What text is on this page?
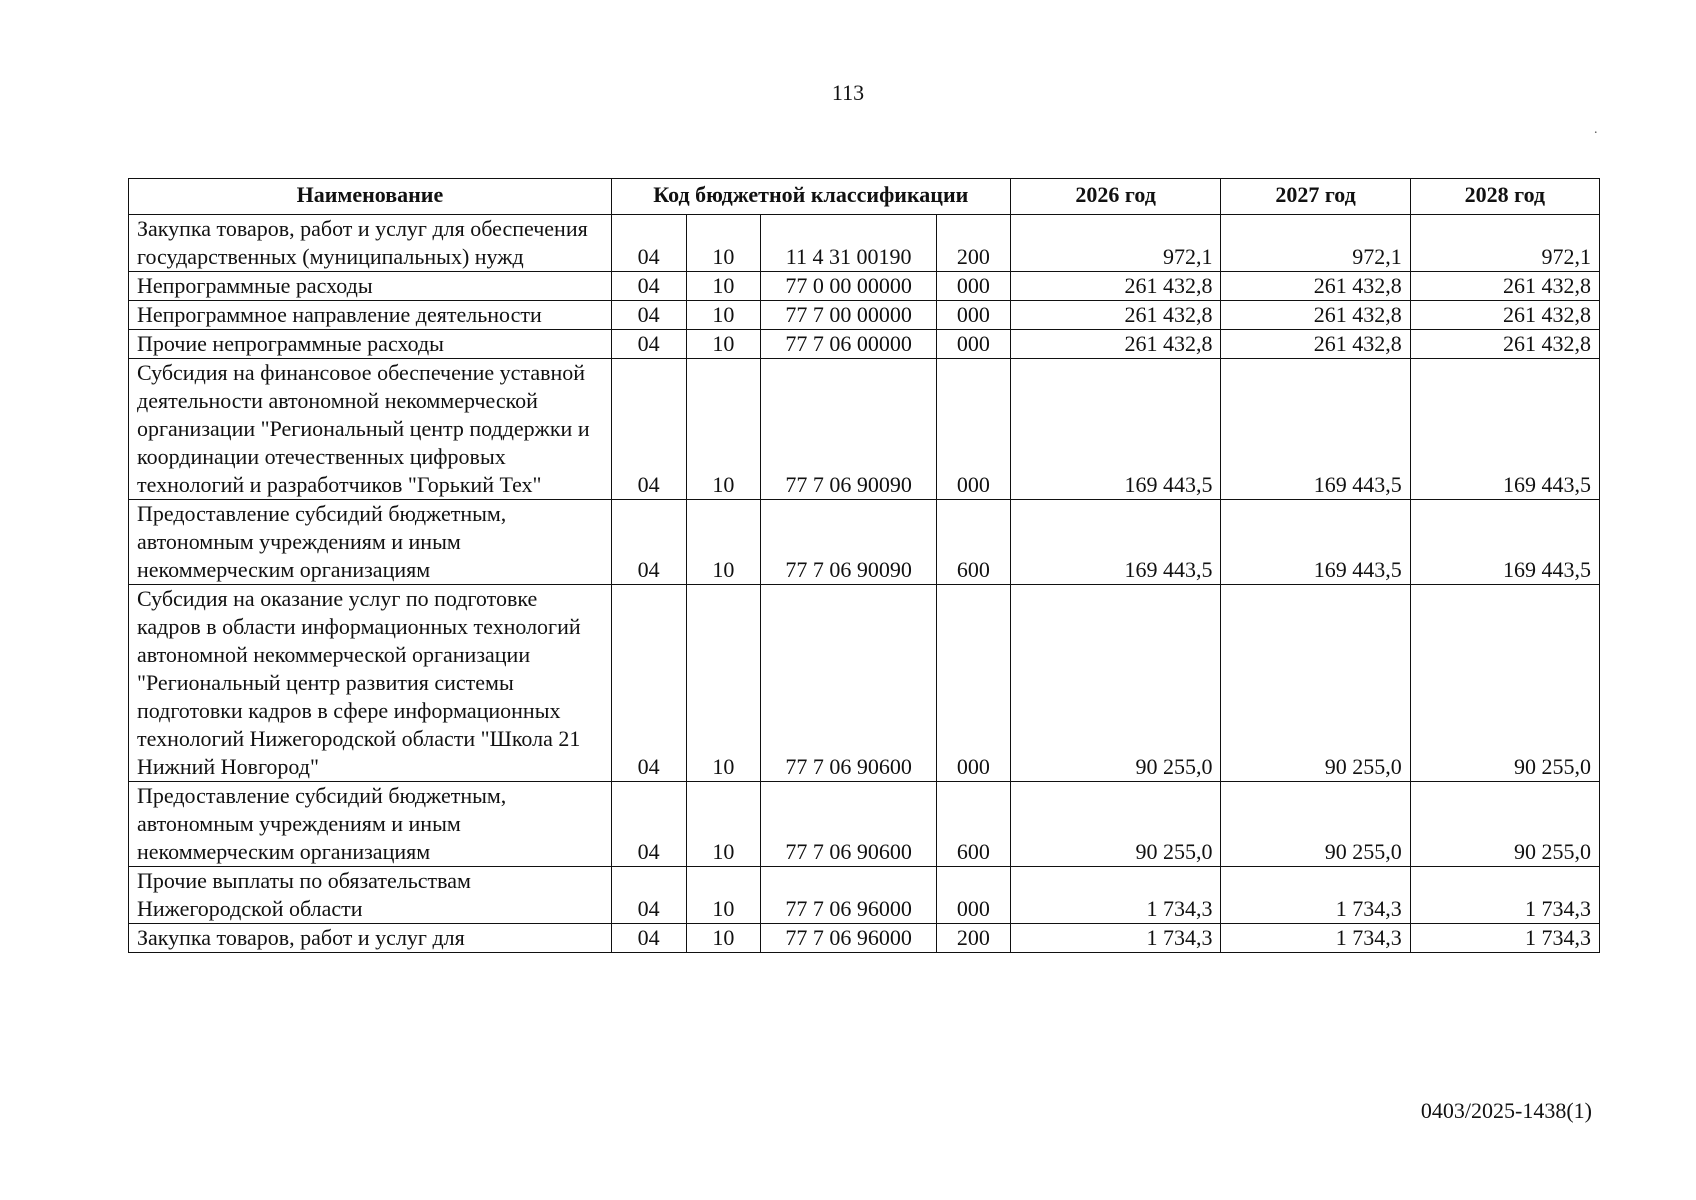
113
.
Наименование	Код бюджетной классификации				2026 год	2027 год	2028 год
Закупка товаров, работ и услуг для обеспечения государственных (муниципальных) нужд	04	10	11 4 31 00190	200	972,1	972,1	972,1
Непрограммные расходы	04	10	77 0 00 00000	000	261 432,8	261 432,8	261 432,8
Непрограммное направление деятельности	04	10	77 7 00 00000	000	261 432,8	261 432,8	261 432,8
Прочие непрограммные расходы	04	10	77 7 06 00000	000	261 432,8	261 432,8	261 432,8
Субсидия на финансовое обеспечение уставной деятельности автономной некоммерческой организации "Региональный центр поддержки и координации отечественных цифровых технологий и разработчиков "Горький Тех"	04	10	77 7 06 90090	000	169 443,5	169 443,5	169 443,5
Предоставление субсидий бюджетным, автономным учреждениям и иным некоммерческим организациям	04	10	77 7 06 90090	600	169 443,5	169 443,5	169 443,5
Субсидия на оказание услуг по подготовке кадров в области информационных технологий автономной некоммерческой организации "Региональный центр развития системы подготовки кадров в сфере информационных технологий Нижегородской области "Школа 21 Нижний Новгород"	04	10	77 7 06 90600	000	90 255,0	90 255,0	90 255,0
Предоставление субсидий бюджетным, автономным учреждениям и иным некоммерческим организациям	04	10	77 7 06 90600	600	90 255,0	90 255,0	90 255,0
Прочие выплаты по обязательствам Нижегородской области	04	10	77 7 06 96000	000	1 734,3	1 734,3	1 734,3
Закупка товаров, работ и услуг для	04	10	77 7 06 96000	200	1 734,3	1 734,3	1 734,3
0403/2025-1438(1)
